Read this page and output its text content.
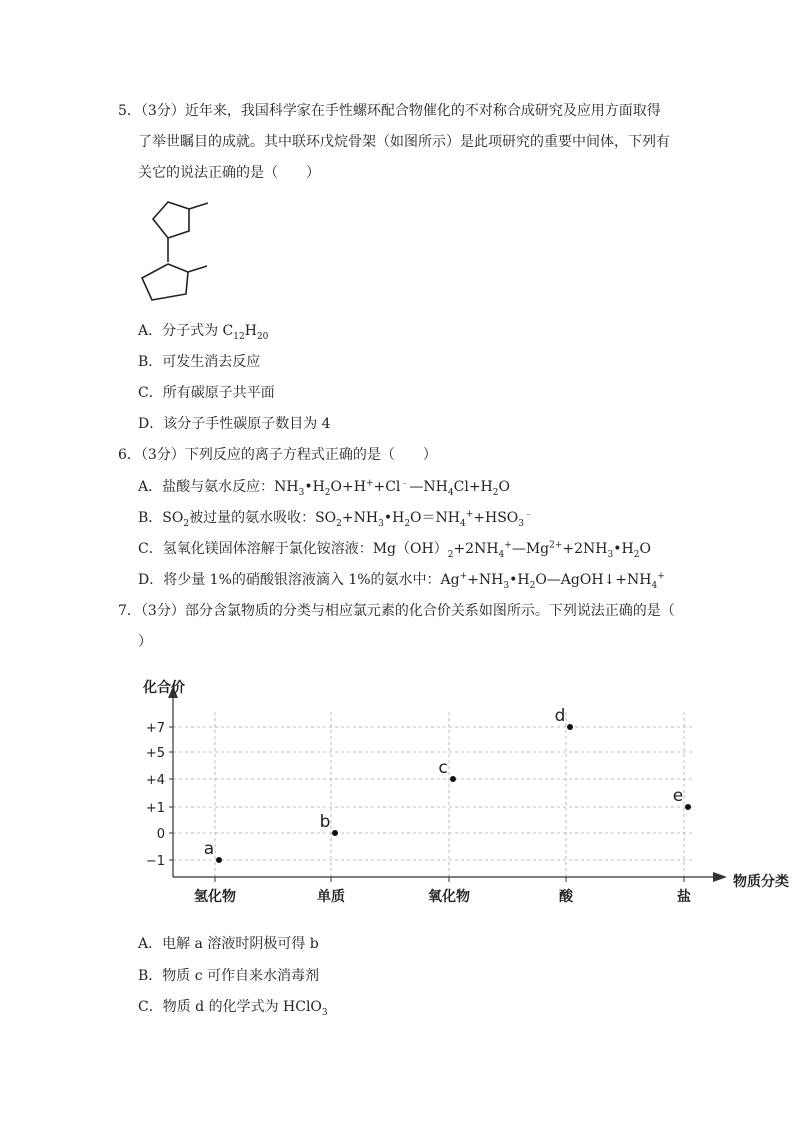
5．（3分）近年来，我国科学家在手性螺环配合物催化的不对称合成研究及应用方面取得
了举世瞩目的成就。其中联环戊烷骨架（如图所示）是此项研究的重要中间体，下列有
关它的说法正确的是（　　）
A．分子式为 $C_{12}H_{20}$
B．可发生消去反应
C．所有碳原子共平面
D．该分子手性碳原子数目为 4
6．（3分）下列反应的离子方程式正确的是（　　）
A．盐酸与氨水反应：$NH_3•H_2O+H^++Cl^﹣—NH_4Cl+H_2O$
B．$SO_2$被过量的氨水吸收：$SO_2+NH_3•H_2O=NH_4^++HSO_3^﹣$
C．氢氧化镁固体溶解于氯化铵溶液：$Mg(OH)_2+2NH_4^+—Mg^{2+}+2NH_3•H_2O$
D．将少量 1%的硝酸银溶液滴入 1%的氨水中：$Ag^++NH_3•H_2O—AgOH↓+NH_4^+$
7．（3分）部分含氯物质的分类与相应氯元素的化合价关系如图所示。下列说法正确的是（
）
化合价
物质分类
+7
+5
+4
+1
0
−1
氢化物	单质	氧化物	酸	盐
a
b
c
d
e
A．电解 a 溶液时阴极可得 b
B．物质 c 可作自来水消毒剂
C．物质 d 的化学式为 HClO$_3$
